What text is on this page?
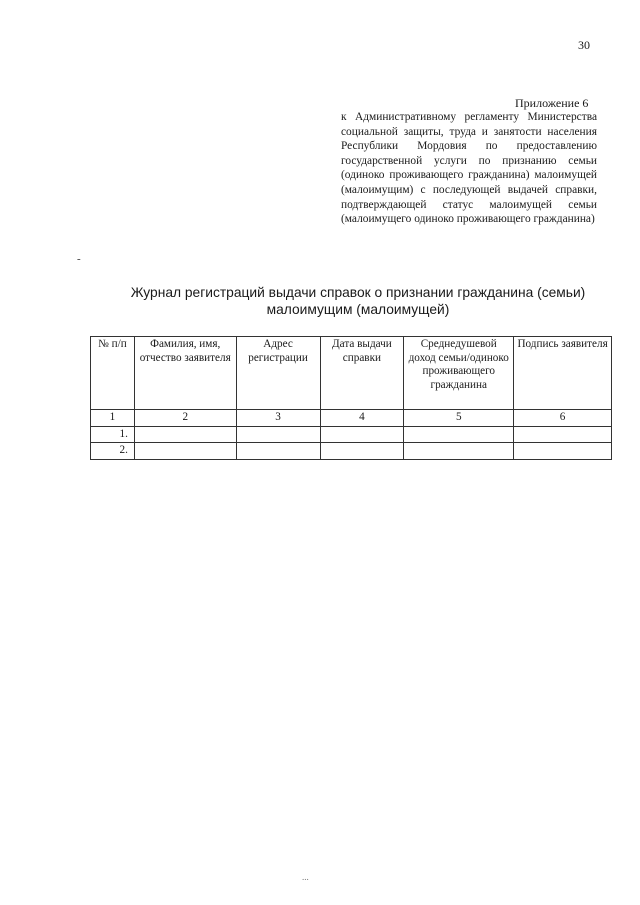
30
Приложение 6
к Административному регламенту Министерства социальной защиты, труда и занятости населения Республики Мордовия по предоставлению государственной услуги по признанию семьи (одиноко проживающего гражданина) малоимущей (малоимущим) с последующей выдачей справки, подтверждающей статус малоимущей семьи (малоимущего одиноко проживающего гражданина)
-
Журнал регистраций выдачи справок о признании гражданина (семьи)
малоимущим (малоимущей)
№ п/п	Фамилия, имя, отчество заявителя	Адрес регистрации	Дата выдачи справки	Среднедушевой доход семьи/одиноко проживающего гражданина	Подпись заявителя
1	2	3	4	5	6
1.					
2.					
...
